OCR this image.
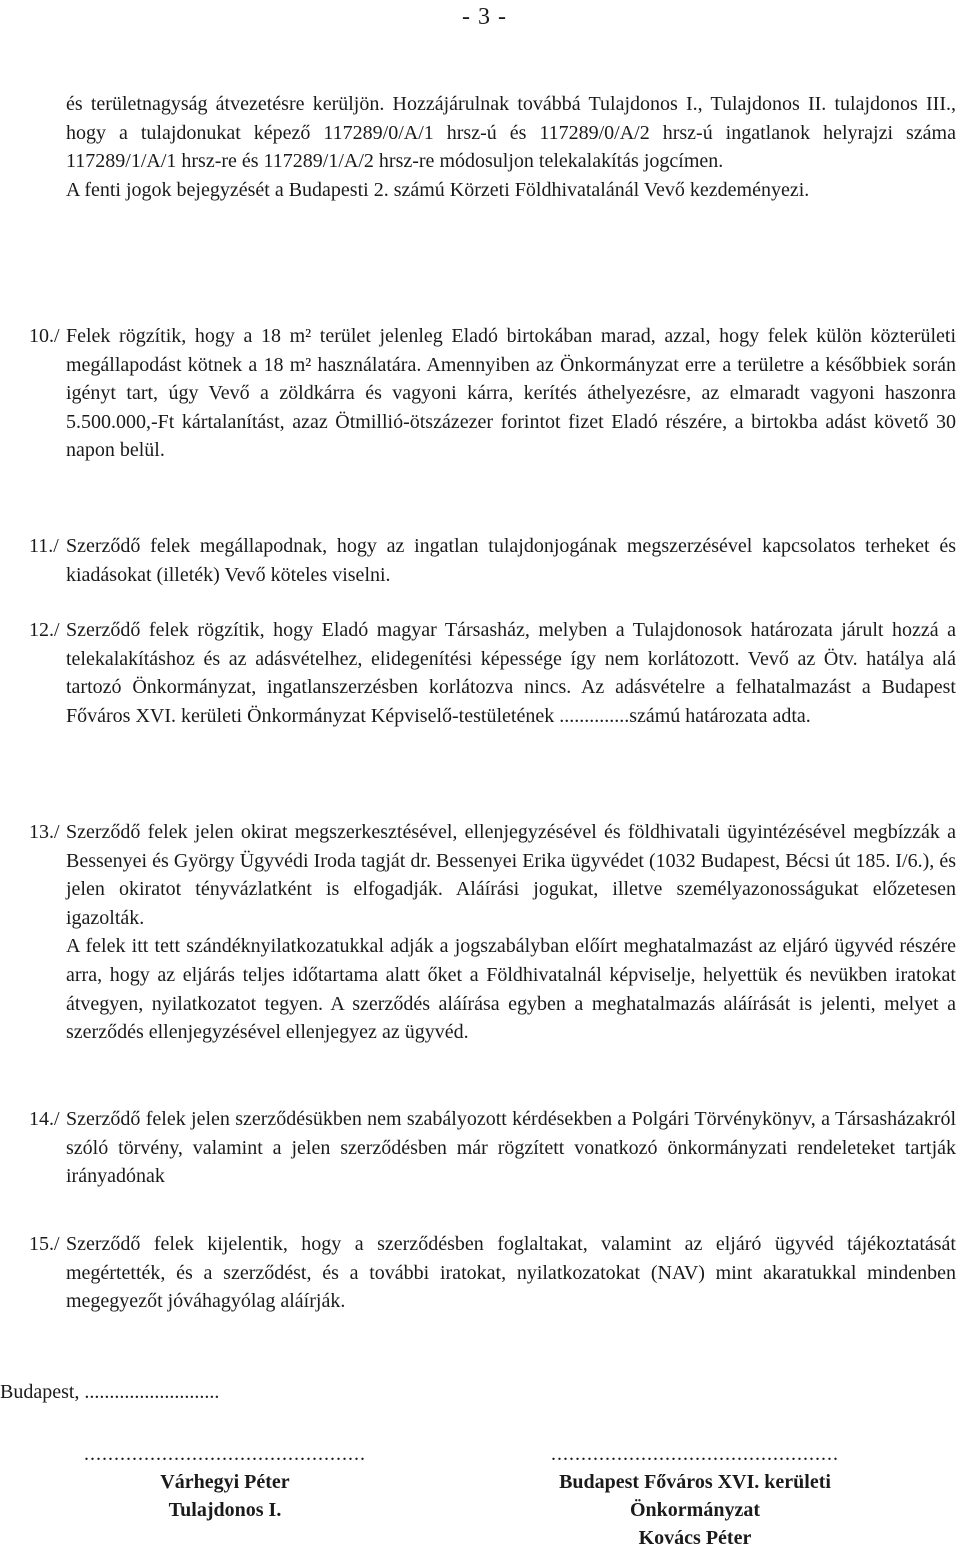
- 3 -

és területnagyság átvezetésre kerüljön. Hozzájárulnak továbbá Tulajdonos I., Tulajdonos II. tulajdonos III., hogy a tulajdonukat képező 117289/0/A/1 hrsz-ú és 117289/0/A/2 hrsz-ú ingatlanok helyrajzi száma 117289/1/A/1 hrsz-re és 117289/1/A/2 hrsz-re módosuljon telekalakítás jogcímen.

A fenti jogok bejegyzését a Budapesti 2. számú Körzeti Földhivatalánál Vevő kezdeményezi.

10./ Felek rögzítik, hogy a 18 m² terület jelenleg Eladó birtokában marad, azzal, hogy felek külön közterületi megállapodást kötnek a 18 m² használatára. Amennyiben az Önkormányzat erre a területre a későbbiek során igényt tart, úgy Vevő a zöldkárra és vagyoni kárra, kerítés áthelyezésre, az elmaradt vagyoni haszonra 5.500.000,-Ft kártalanítást, azaz Ötmillió-ötszázezer forintot fizet Eladó részére, a birtokba adást követő 30 napon belül.

11./ Szerződő felek megállapodnak, hogy az ingatlan tulajdonjogának megszerzésével kapcsolatos terheket és kiadásokat (illeték) Vevő köteles viselni.

12./ Szerződő felek rögzítik, hogy Eladó magyar Társasház, melyben a Tulajdonosok határozata járult hozzá a telekalakításhoz és az adásvételhez, elidegenítési képessége így nem korlátozott. Vevő az Ötv. hatálya alá tartozó Önkormányzat, ingatlanszerzésben korlátozva nincs. Az adásvételre a felhatalmazást a Budapest Főváros XVI. kerületi Önkormányzat Képviselő-testületének ..............számú határozata adta.

13./ Szerződő felek jelen okirat megszerkesztésével, ellenjegyzésével és földhivatali ügyintézésével megbízzák a Bessenyei és György Ügyvédi Iroda tagját dr. Bessenyei Erika ügyvédet (1032 Budapest, Bécsi út 185. I/6.), és jelen okiratot tényvázlatként is elfogadják. Aláírási jogukat, illetve személyazonosságukat előzetesen igazolták.

A felek itt tett szándéknyilatkozatukkal adják a jogszabályban előírt meghatalmazást az eljáró ügyvéd részére arra, hogy az eljárás teljes időtartama alatt őket a Földhivatalnál képviselje, helyettük és nevükben iratokat átvegyen, nyilatkozatot tegyen. A szerződés aláírása egyben a meghatalmazás aláírását is jelenti, melyet a szerződés ellenjegyzésével ellenjegyez az ügyvéd.

14./ Szerződő felek jelen szerződésükben nem szabályozott kérdésekben a Polgári Törvénykönyv, a Társasházakról szóló törvény, valamint a jelen szerződésben már rögzített vonatkozó önkormányzati rendeleteket tartják irányadónak

15./ Szerződő felek kijelentik, hogy a szerződésben foglaltakat, valamint az eljáró ügyvéd tájékoztatását megértették, és a szerződést, és a további iratokat, nyilatkozatokat (NAV) mint akaratukkal mindenben megegyezőt jóváhagyólag aláírják.

Budapest, ...........................
...............................................
Várhegyi Péter
Tulajdonos I.
................................................
Budapest Főváros XVI. kerületi
Önkormányzat
Kovács Péter
